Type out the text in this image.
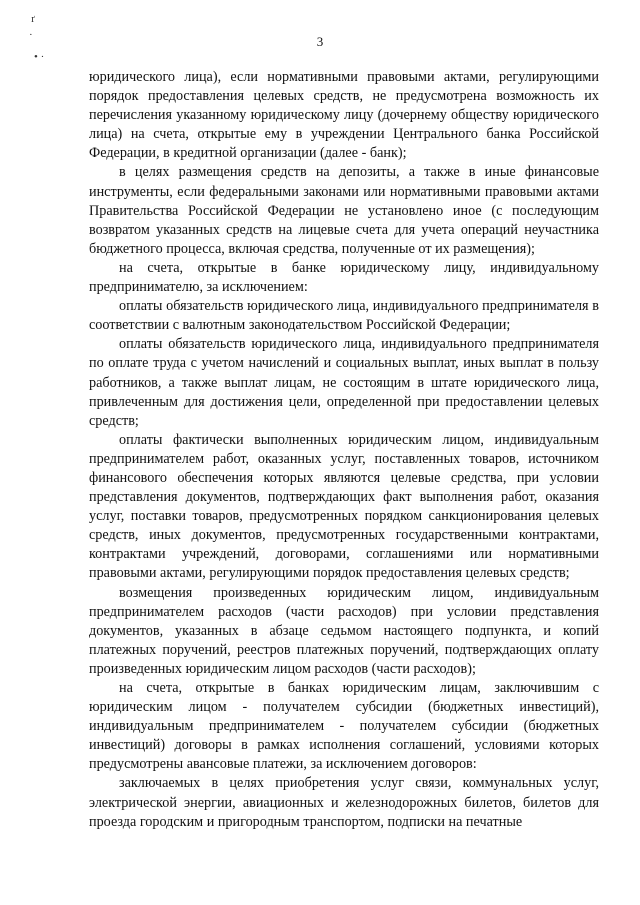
ґ
·
• ·
3

юридического лица), если нормативными правовыми актами, регулирующими порядок предоставления целевых средств, не предусмотрена возможность их перечисления указанному юридическому лицу (дочернему обществу юридического лица) на счета, открытые ему в учреждении Центрального банка Российской Федерации, в кредитной организации (далее - банк);

в целях размещения средств на депозиты, а также в иные финансовые инструменты, если федеральными законами или нормативными правовыми актами Правительства Российской Федерации не установлено иное (с последующим возвратом указанных средств на лицевые счета для учета операций неучастника бюджетного процесса, включая средства, полученные от их размещения);

на счета, открытые в банке юридическому лицу, индивидуальному предпринимателю, за исключением:

оплаты обязательств юридического лица, индивидуального предпринимателя в соответствии с валютным законодательством Российской Федерации;

оплаты обязательств юридического лица, индивидуального предпринимателя по оплате труда с учетом начислений и социальных выплат, иных выплат в пользу работников, а также выплат лицам, не состоящим в штате юридического лица, привлеченным для достижения цели, определенной при предоставлении целевых средств;

оплаты фактически выполненных юридическим лицом, индивидуальным предпринимателем работ, оказанных услуг, поставленных товаров, источником финансового обеспечения которых являются целевые средства, при условии представления документов, подтверждающих факт выполнения работ, оказания услуг, поставки товаров, предусмотренных порядком санкционирования целевых средств, иных документов, предусмотренных государственными контрактами, контрактами учреждений, договорами, соглашениями или нормативными правовыми актами, регулирующими порядок предоставления целевых средств;

возмещения произведенных юридическим лицом, индивидуальным предпринимателем расходов (части расходов) при условии представления документов, указанных в абзаце седьмом настоящего подпункта, и копий платежных поручений, реестров платежных поручений, подтверждающих оплату произведенных юридическим лицом расходов (части расходов);

на счета, открытые в банках юридическим лицам, заключившим с юридическим лицом - получателем субсидии (бюджетных инвестиций), индивидуальным предпринимателем - получателем субсидии (бюджетных инвестиций) договоры в рамках исполнения соглашений, условиями которых предусмотрены авансовые платежи, за исключением договоров:

заключаемых в целях приобретения услуг связи, коммунальных услуг, электрической энергии, авиационных и железнодорожных билетов, билетов для проезда городским и пригородным транспортом, подписки на печатные
